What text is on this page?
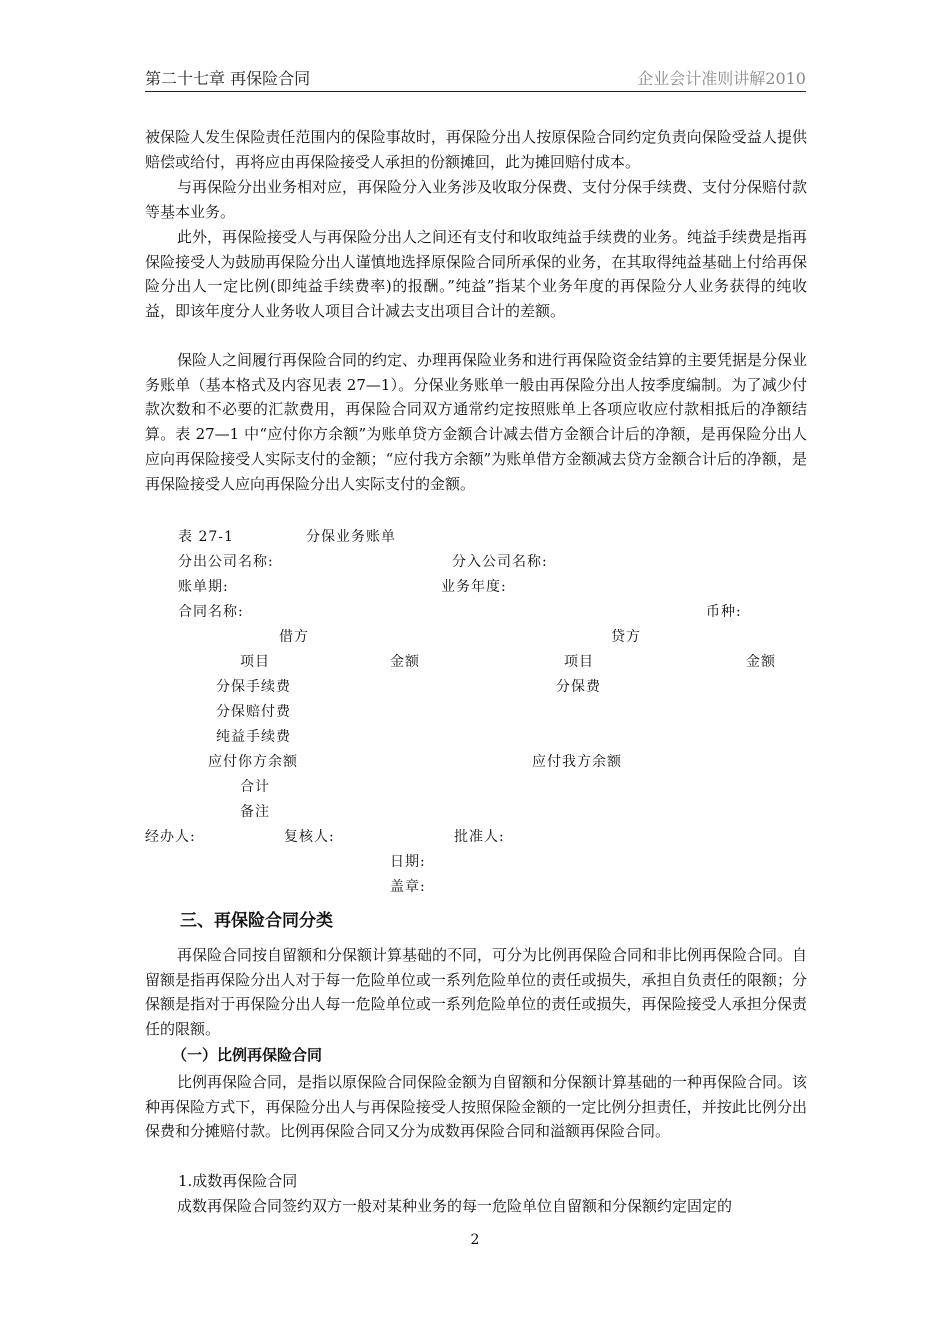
第二十七章 再保险合同	企业会计准则讲解2010

被保险人发生保险责任范围内的保险事故时，再保险分出人按原保险合同约定负责向保险受益人提供赔偿或给付，再将应由再保险接受人承担的份额摊回，此为摊回赔付成本。

与再保险分出业务相对应，再保险分入业务涉及收取分保费、支付分保手续费、支付分保赔付款等基本业务。

此外，再保险接受人与再保险分出人之间还有支付和收取纯益手续费的业务。纯益手续费是指再保险接受人为鼓励再保险分出人谨慎地选择原保险合同所承保的业务，在其取得纯益基础上付给再保险分出人一定比例(即纯益手续费率)的报酬。”纯益”指某个业务年度的再保险分人业务获得的纯收益，即该年度分人业务收人项目合计减去支出项目合计的差额。

保险人之间履行再保险合同的约定、办理再保险业务和进行再保险资金结算的主要凭据是分保业务账单（基本格式及内容见表 27—1）。分保业务账单一般由再保险分出人按季度编制。为了减少付款次数和不必要的汇款费用，再保险合同双方通常约定按照账单上各项应收应付款相抵后的净额结算。表 27—1 中“应付你方余额”为账单贷方金额合计减去借方金额合计后的净额，是再保险分出人应向再保险接受人实际支付的金额；“应付我方余额”为账单借方金额减去贷方金额合计后的净额，是再保险接受人应向再保险分出人实际支付的金额。

表 27-1	分保业务账单
分出公司名称:	分入公司名称:
账单期:	业务年度:
合同名称:	币种:
借方	贷方
项目	金额	项目	金额
分保手续费	分保费
分保赔付费
纯益手续费
应付你方余额	应付我方余额
合计
备注
经办人:	复核人:	批准人:
日期:
盖章:
三、再保险合同分类

再保险合同按自留额和分保额计算基础的不同，可分为比例再保险合同和非比例再保险合同。自留额是指再保险分出人对于每一危险单位或一系列危险单位的责任或损失，承担自负责任的限额；分保额是指对于再保险分出人每一危险单位或一系列危险单位的责任或损失，再保险接受人承担分保责任的限额。

（一）比例再保险合同

比例再保险合同，是指以原保险合同保险金额为自留额和分保额计算基础的一种再保险合同。该种再保险方式下，再保险分出人与再保险接受人按照保险金额的一定比例分担责任，并按此比例分出保费和分摊赔付款。比例再保险合同又分为成数再保险合同和溢额再保险合同。

1.成数再保险合同

成数再保险合同签约双方一般对某种业务的每一危险单位自留额和分保额约定固定的

2
